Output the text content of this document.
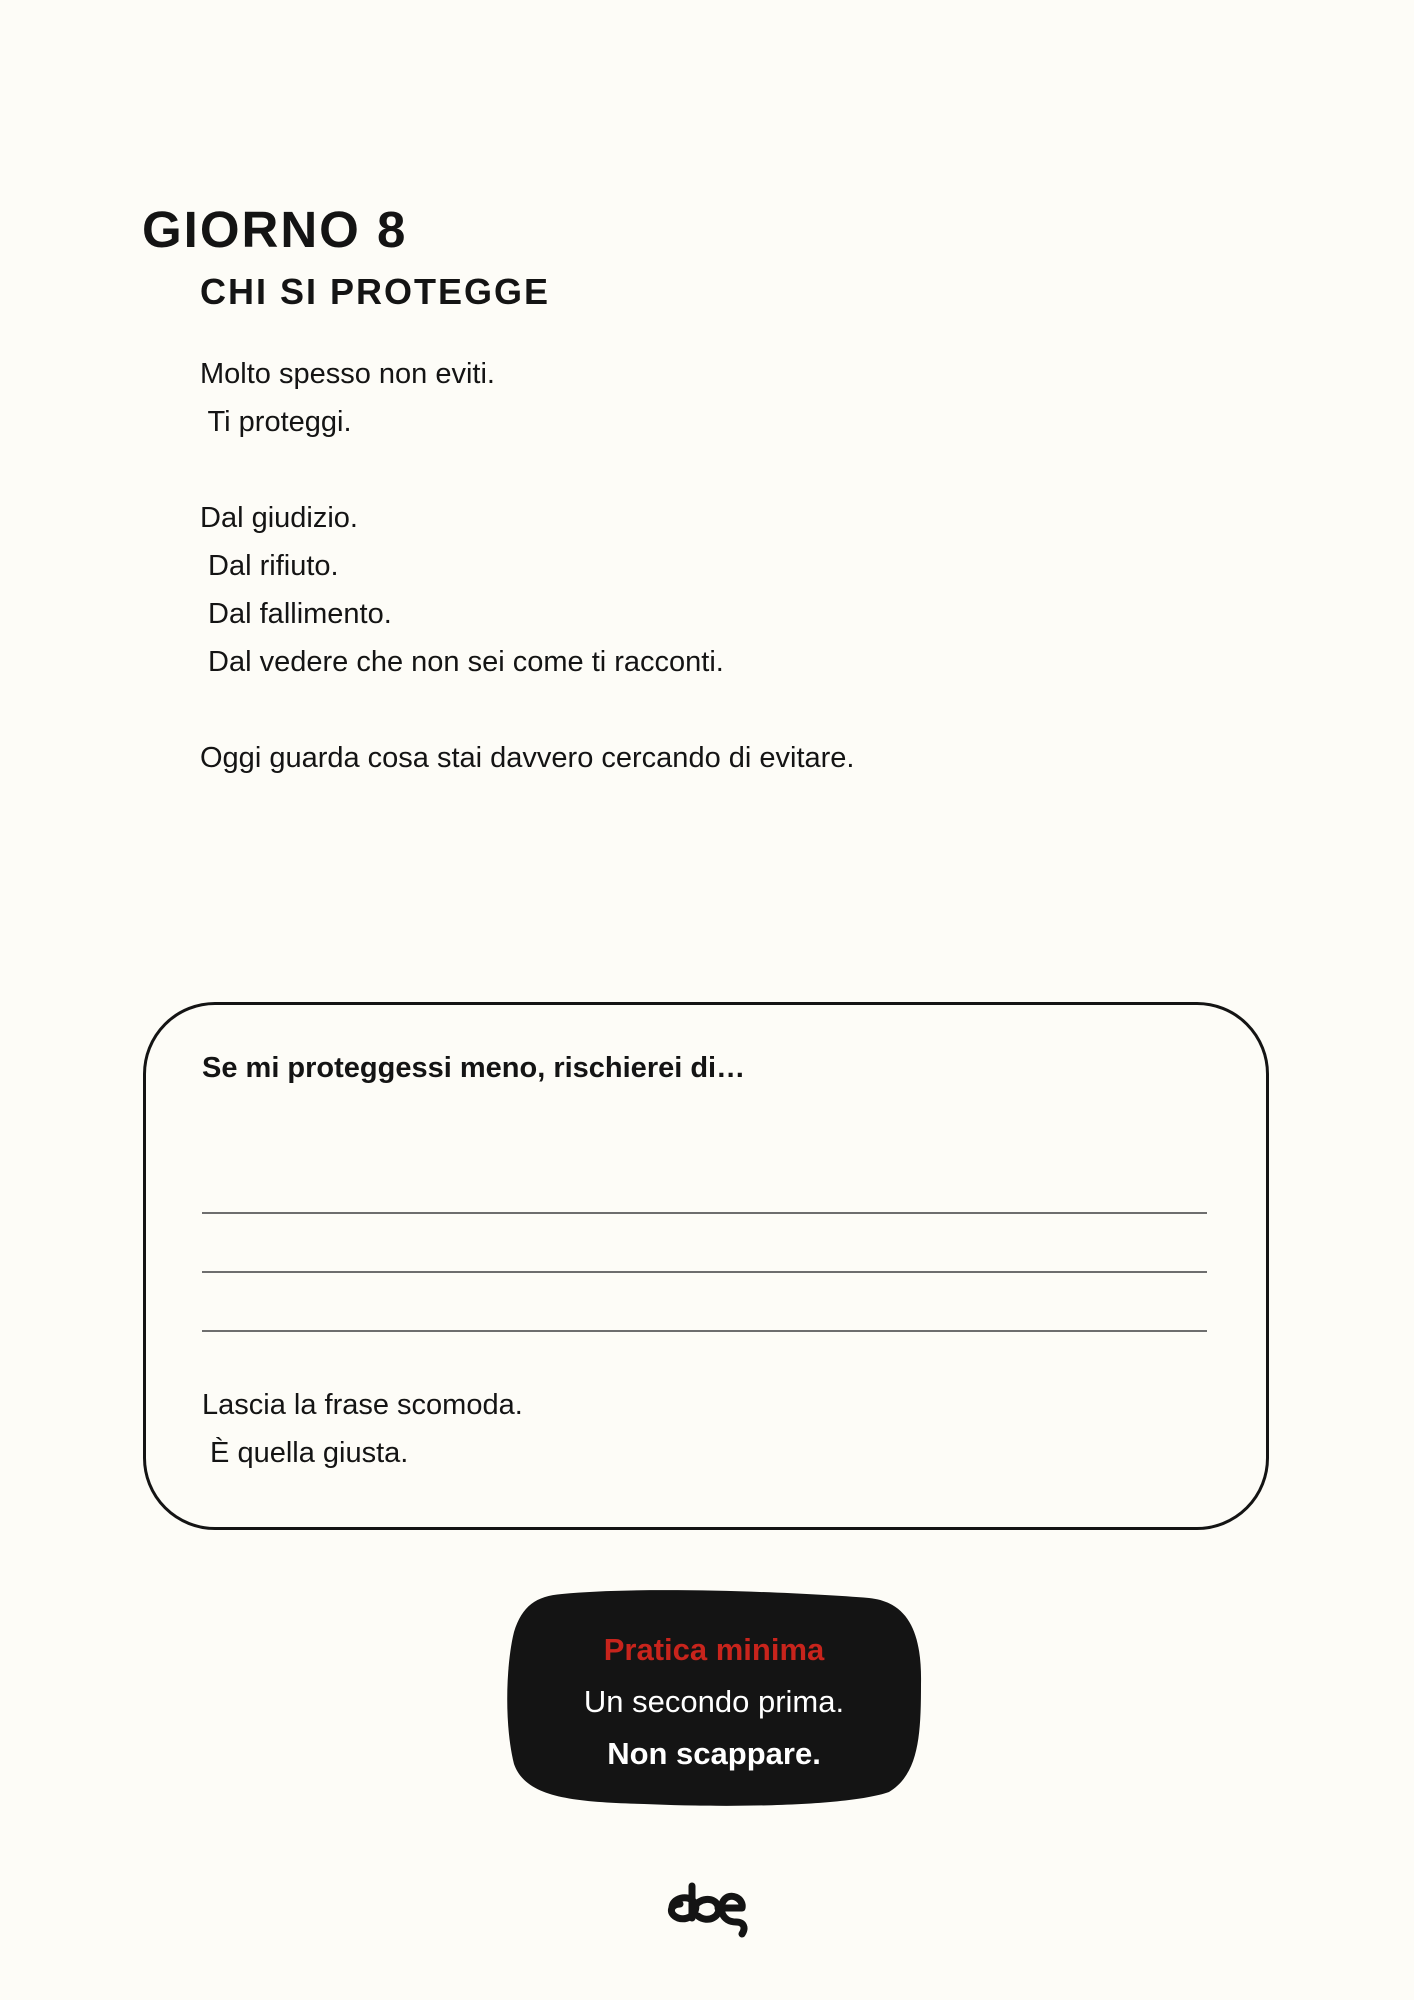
GIORNO 8
CHI SI PROTEGGE
Molto spesso non eviti.
Ti proteggi.
Dal giudizio.
Dal rifiuto.
Dal fallimento.
Dal vedere che non sei come ti racconti.
Oggi guarda cosa stai davvero cercando di evitare.

Se mi proteggessi meno, rischierei di…

Lascia la frase scomoda.
È quella giusta.
Pratica minima
Un secondo prima.
Non scappare.
